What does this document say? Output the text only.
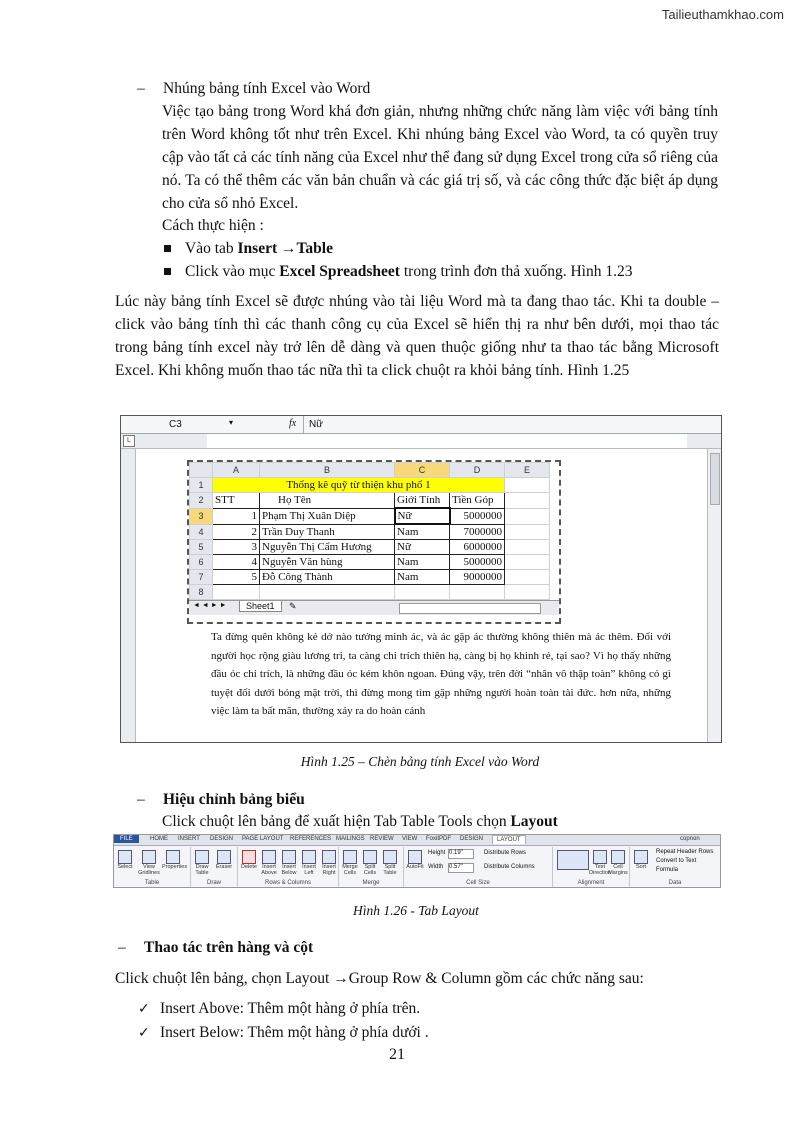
Tailieuthamkhao.com
– Nhúng bảng tính Excel vào Word
Việc tạo bảng trong Word khá đơn giản, nhưng những chức năng làm việc với bảng tính trên Word không tốt như trên Excel. Khi nhúng bảng Excel vào Word, ta có quyền truy cập vào tất cả các tính năng của Excel như thể đang sử dụng Excel trong cửa sổ riêng của nó. Ta có thể thêm các văn bản chuẩn và các giá trị số, và các công thức đặc biệt áp dụng cho cửa sổ nhỏ Excel.
Cách thực hiện :
Vào tab Insert →Table
Click vào mục Excel Spreadsheet trong trình đơn thả xuống. Hình 1.23
Lúc này bảng tính Excel sẽ được nhúng vào tài liệu Word mà ta đang thao tác. Khi ta double –click vào bảng tính thì các thanh công cụ của Excel sẽ hiển thị ra như bên dưới, mọi thao tác trong bảng tính excel này trở lên dễ dàng và quen thuộc giống như ta thao tác bằng Microsoft Excel. Khi không muốn thao tác nữa thì ta click chuột ra khỏi bảng tính. Hình 1.25
C3	▾	fx Nữ
L
	A	B	C	D	E
1	Thống kê quỹ từ thiện khu phố 1				
2	STT	Họ Tên	Giới Tính	Tiền Góp	
3	1	Phạm Thị Xuân Diệp	Nữ	5000000	
4	2	Trần Duy Thanh	Nam	7000000	
5	3	Nguyễn Thị Cẩm Hương	Nữ	6000000	
6	4	Nguyễn Văn hùng	Nam	5000000	
7	5	Đỗ Công Thành	Nam	9000000	
8					
◄ ◄ ► ►	Sheet1	✎
Ta đừng quên không kẻ dở nào tưởng minh ác, và ác gặp ác thường không thiên mà ác thêm. Đối với người học rộng giàu lương tri, ta càng chỉ trích thiên hạ, càng bị họ khinh rẻ, tại sao? Vì họ thấy những đầu óc chỉ trích, là những đầu óc kém khôn ngoan. Đúng vậy, trên đời “nhân vô thập toàn” không có gì tuyệt đối dưới bóng mặt trời, thì đừng mong tìm gặp những người hoàn toàn tài đức. hơn nữa, những việc làm ta bất mãn, thường xảy ra do hoàn cảnh
Hình 1.25 – Chèn bảng tính Excel vào Word
– Hiệu chỉnh bảng biểu
Click chuột lên bảng để xuất hiện Tab Table Tools chọn Layout
FILE	HOME INSERT DESIGN PAGE LAYOUT REFERENCES MAILINGS REVIEW VIEW FoxitPDF DESIGN	LAYOUT	copnon
Select	View Gridlines
Properties
Table
Draw Table
Eraser
Draw
Delete Insert Above
Insert Below
Insert Left
Insert Right
Rows & Columns
Merge Cells
Split Cells
Split Table
Merge
AutoFit
Height 0.19"
Width 0.57"
Distribute Rows
Distribute Columns
Cell Size
Text Direction
Cell Margins
Alignment
Sort
Repeat Header Rows
Convert to Text
Formula
Data
Hình 1.26 - Tab Layout
– Thao tác trên hàng và cột
Click chuột lên bảng, chọn Layout →Group Row & Column gồm các chức năng sau:
✓ Insert Above: Thêm một hàng ở phía trên.
✓ Insert Below: Thêm một hàng ở phía dưới .
21
